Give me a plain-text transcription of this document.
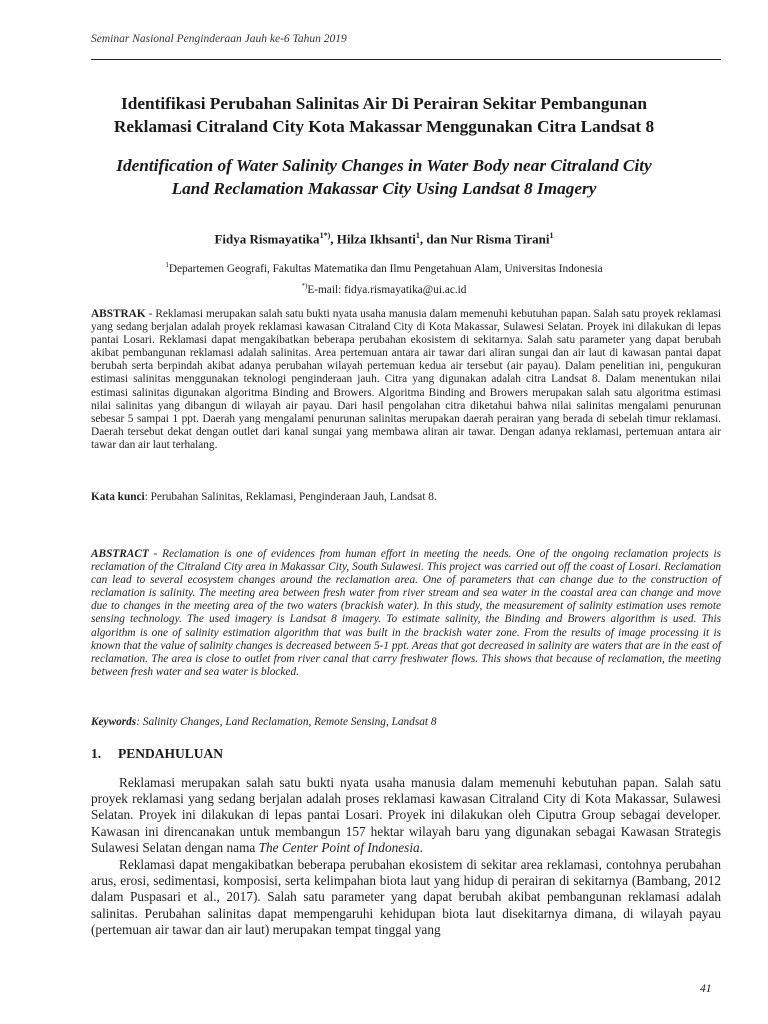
Seminar Nasional Penginderaan Jauh ke-6 Tahun 2019
Identifikasi Perubahan Salinitas Air Di Perairan Sekitar Pembangunan
Reklamasi Citraland City Kota Makassar Menggunakan Citra Landsat 8
Identification of Water Salinity Changes in Water Body near Citraland City
Land Reclamation Makassar City Using Landsat 8 Imagery
Fidya Rismayatika$^{1*)}$, Hilza Ikhsanti$^1$, dan Nur Risma Tirani$^1$
$^1$Departemen Geografi, Fakultas Matematika dan Ilmu Pengetahuan Alam, Universitas Indonesia
*)E-mail: fidya.rismayatika@ui.ac.id
ABSTRAK - Reklamasi merupakan salah satu bukti nyata usaha manusia dalam memenuhi kebutuhan papan. Salah satu proyek reklamasi yang sedang berjalan adalah proyek reklamasi kawasan Citraland City di Kota Makassar, Sulawesi Selatan. Proyek ini dilakukan di lepas pantai Losari. Reklamasi dapat mengakibatkan beberapa perubahan ekosistem di sekitarnya. Salah satu parameter yang dapat berubah akibat pembangunan reklamasi adalah salinitas. Area pertemuan antara air tawar dari aliran sungai dan air laut di kawasan pantai dapat berubah serta berpindah akibat adanya perubahan wilayah pertemuan kedua air tersebut (air payau). Dalam penelitian ini, pengukuran estimasi salinitas menggunakan teknologi penginderaan jauh. Citra yang digunakan adalah citra Landsat 8. Dalam menentukan nilai estimasi salinitas digunakan algoritma Binding and Browers. Algoritma Binding and Browers merupakan salah satu algoritma estimasi nilai salinitas yang dibangun di wilayah air payau. Dari hasil pengolahan citra diketahui bahwa nilai salinitas mengalami penurunan sebesar 5 sampai 1 ppt. Daerah yang mengalami penurunan salinitas merupakan daerah perairan yang berada di sebelah timur reklamasi. Daerah tersebut dekat dengan outlet dari kanal sungai yang membawa aliran air tawar. Dengan adanya reklamasi, pertemuan antara air tawar dan air laut terhalang.
Kata kunci: Perubahan Salinitas, Reklamasi, Penginderaan Jauh, Landsat 8.
ABSTRACT - Reclamation is one of evidences from human effort in meeting the needs. One of the ongoing reclamation projects is reclamation of the Citraland City area in Makassar City, South Sulawesi. This project was carried out off the coast of Losari. Reclamation can lead to several ecosystem changes around the reclamation area. One of parameters that can change due to the construction of reclamation is salinity. The meeting area between fresh water from river stream and sea water in the coastal area can change and move due to changes in the meeting area of the two waters (brackish water). In this study, the measurement of salinity estimation uses remote sensing technology. The used imagery is Landsat 8 imagery. To estimate salinity, the Binding and Browers algorithm is used. This algorithm is one of salinity estimation algorithm that was built in the brackish water zone. From the results of image processing it is known that the value of salinity changes is decreased between 5-1 ppt. Areas that got decreased in salinity are waters that are in the east of reclamation. The area is close to outlet from river canal that carry freshwater flows. This shows that because of reclamation, the meeting between fresh water and sea water is blocked.
Keywords: Salinity Changes, Land Reclamation, Remote Sensing, Landsat 8
1. PENDAHULUAN
Reklamasi merupakan salah satu bukti nyata usaha manusia dalam memenuhi kebutuhan papan. Salah satu proyek reklamasi yang sedang berjalan adalah proses reklamasi kawasan Citraland City di Kota Makassar, Sulawesi Selatan. Proyek ini dilakukan di lepas pantai Losari. Proyek ini dilakukan oleh Ciputra Group sebagai developer. Kawasan ini direncanakan untuk membangun 157 hektar wilayah baru yang digunakan sebagai Kawasan Strategis Sulawesi Selatan dengan nama The Center Point of Indonesia.
Reklamasi dapat mengakibatkan beberapa perubahan ekosistem di sekitar area reklamasi, contohnya perubahan arus, erosi, sedimentasi, komposisi, serta kelimpahan biota laut yang hidup di perairan di sekitarnya (Bambang, 2012 dalam Puspasari et al., 2017). Salah satu parameter yang dapat berubah akibat pembangunan reklamasi adalah salinitas. Perubahan salinitas dapat mempengaruhi kehidupan biota laut disekitarnya dimana, di wilayah payau (pertemuan air tawar dan air laut) merupakan tempat tinggal yang
41
